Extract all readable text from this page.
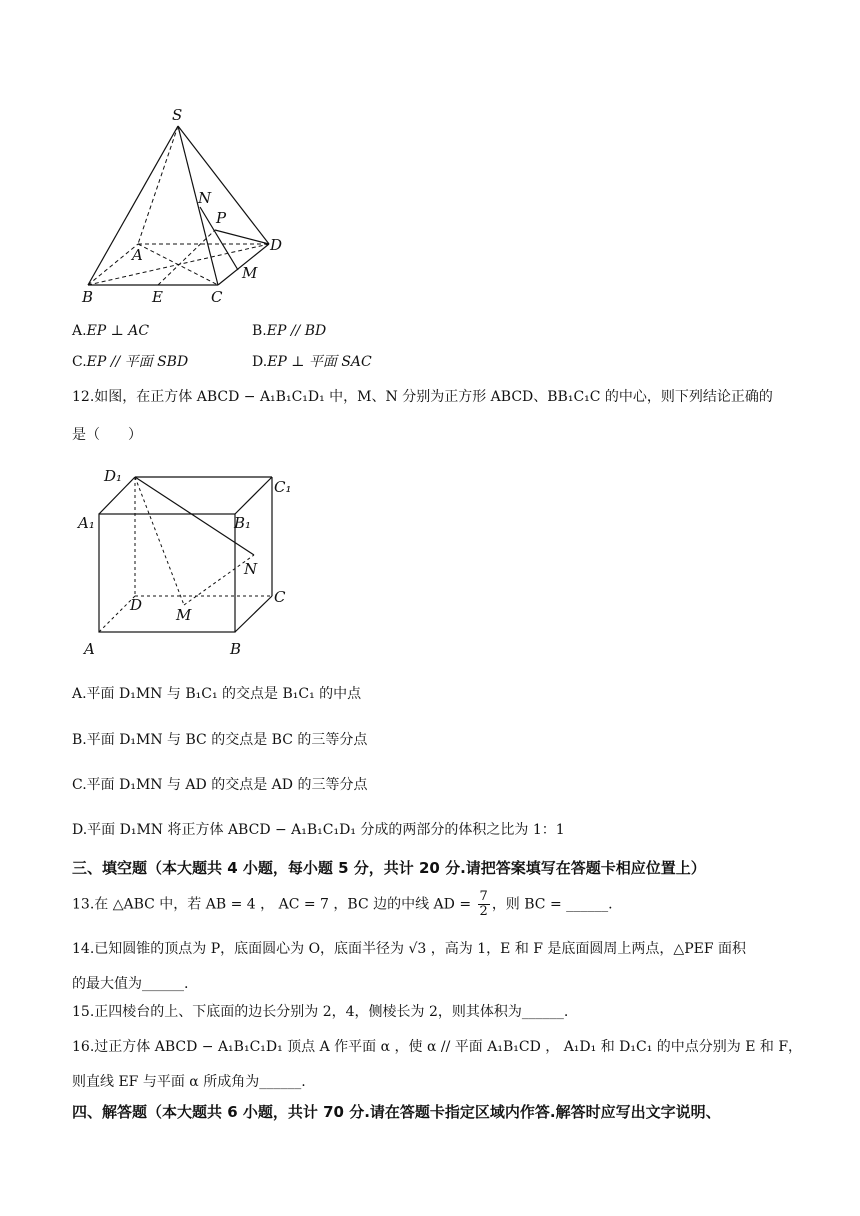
S
N
P
A
D
M
B	E	C
A.EP ⊥ AC	B.EP // BD
C.EP // 平面 SBD	D.EP ⊥ 平面 SAC
12.如图，在正方体 ABCD − A₁B₁C₁D₁ 中，M、N 分别为正方形 ABCD、BB₁C₁C 的中心，则下列结论正确的
是（　　）
D₁
C₁
A₁	B₁
N
D
M
C
A	B
A.平面 D₁MN 与 B₁C₁ 的交点是 B₁C₁ 的中点
B.平面 D₁MN 与 BC 的交点是 BC 的三等分点
C.平面 D₁MN 与 AD 的交点是 AD 的三等分点
D.平面 D₁MN 将正方体 ABCD − A₁B₁C₁D₁ 分成的两部分的体积之比为 1：1
三、填空题（本大题共 4 小题，每小题 5 分，共计 20 分.请把答案填写在答题卡相应位置上）
13.在 △ABC 中，若 AB = 4 ， AC = 7 ，BC 边的中线 AD = $\frac{7}{2}$ ，则 BC = ______.
14.已知圆锥的顶点为 P，底面圆心为 O，底面半径为 √3 ，高为 1，E 和 F 是底面圆周上两点，△PEF 面积
的最大值为______.
15.正四棱台的上、下底面的边长分别为 2，4，侧棱长为 2，则其体积为______.
16.过正方体 ABCD − A₁B₁C₁D₁ 顶点 A 作平面 α ，使 α // 平面 A₁B₁CD ， A₁D₁ 和 D₁C₁ 的中点分别为 E 和 F，
则直线 EF 与平面 α 所成角为______.
四、解答题（本大题共 6 小题，共计 70 分.请在答题卡指定区域内作答.解答时应写出文字说明、
